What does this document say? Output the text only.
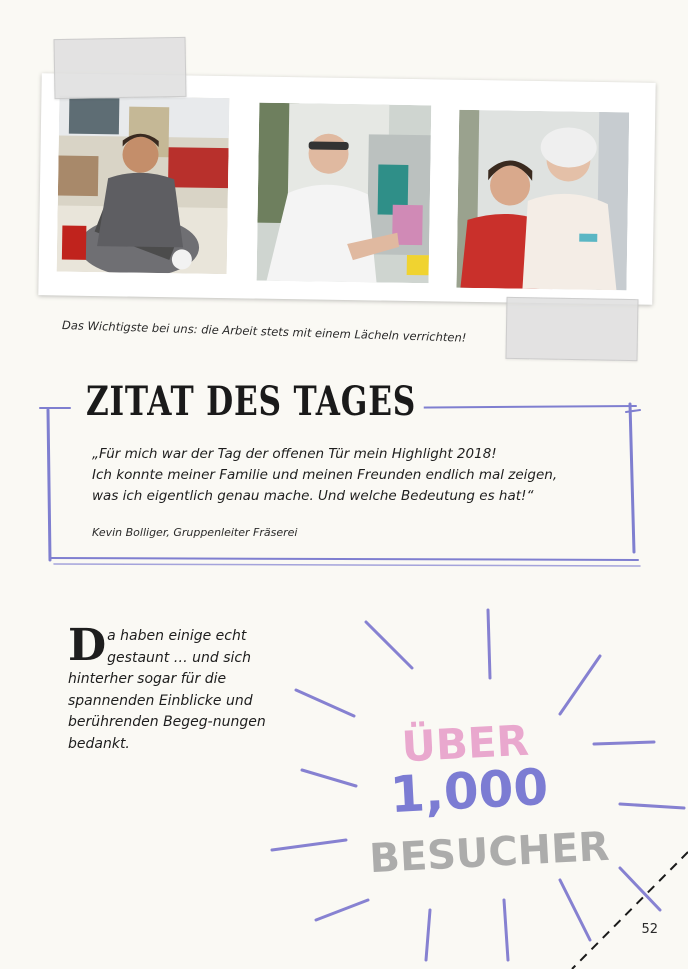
Das Wichtigste bei uns: die Arbeit stets mit einem Lächeln verrichten!
ZITAT DES TAGES
„Für mich war der Tag der offenen Tür mein Highlight 2018!
Ich konnte meiner Familie und meinen Freunden endlich mal zeigen,
was ich eigentlich genau mache. Und welche Bedeutung es hat!“
Kevin Bolliger, Gruppenleiter Fräserei
Da haben einige echt gestaunt … und sich hinterher sogar für die spannenden Einblicke und berührenden Begeg-nungen bedankt.	ÜBER
1,000
BESUCHER
52
